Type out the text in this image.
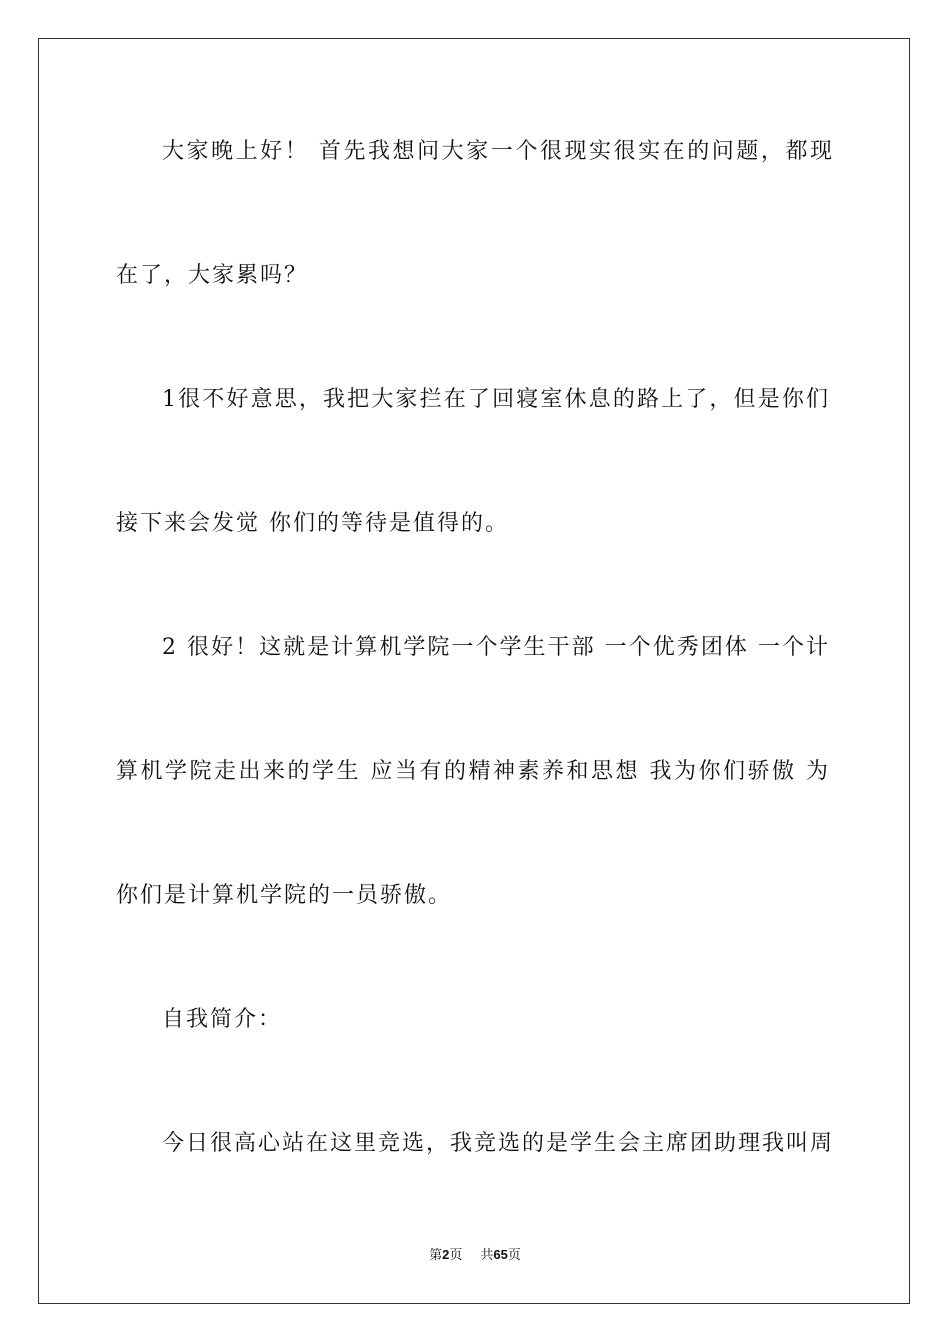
大家晚上好！ 首先我想问大家一个很现实很实在的问题，都现
在了，大家累吗？
1很不好意思，我把大家拦在了回寝室休息的路上了，但是你们
接下来会发觉 你们的等待是值得的。
2 很好！这就是计算机学院一个学生干部 一个优秀团体 一个计
算机学院走出来的学生 应当有的精神素养和思想 我为你们骄傲 为
你们是计算机学院的一员骄傲。
自我简介：
今日很高心站在这里竞选，我竞选的是学生会主席团助理我叫周
第2页 共65页
